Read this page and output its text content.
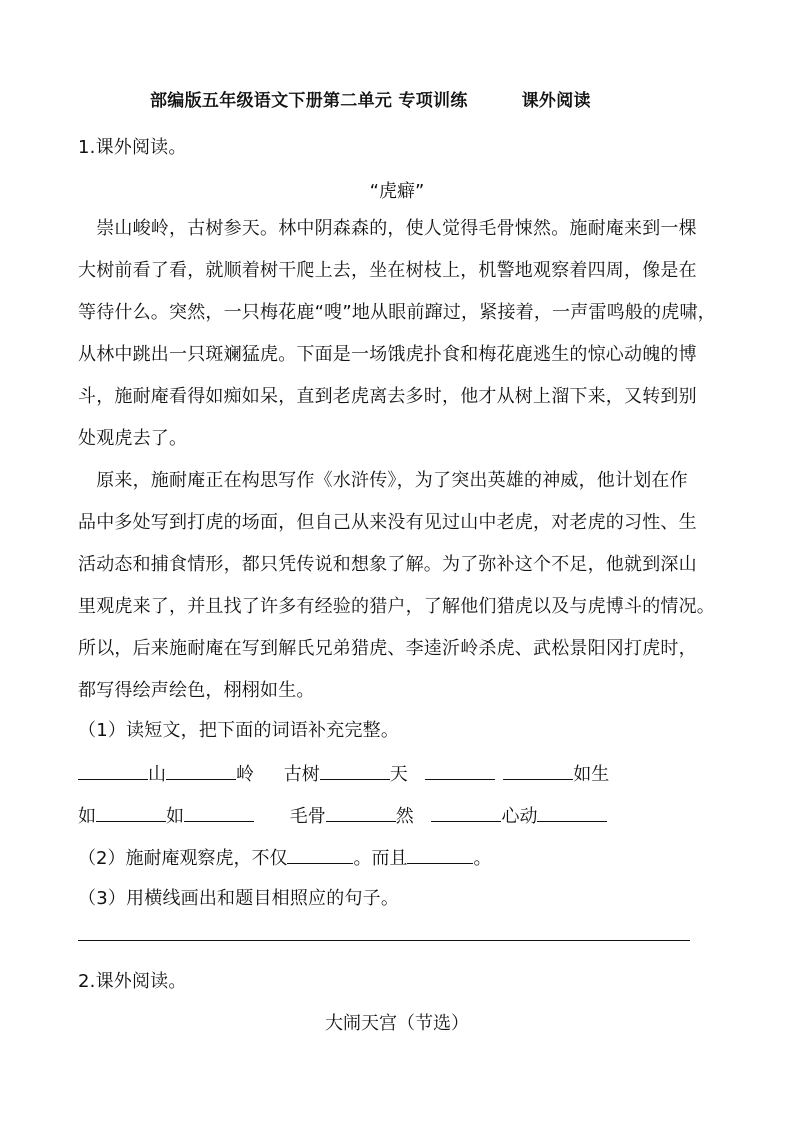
部编版五年级语文下册第二单元 专项训练	课外阅读
1.课外阅读。
“虎癖”
　崇山峻岭，古树参天。林中阴森森的，使人觉得毛骨悚然。施耐庵来到一棵
大树前看了看，就顺着树干爬上去，坐在树枝上，机警地观察着四周，像是在
等待什么。突然，一只梅花鹿“嗖”地从眼前蹿过，紧接着，一声雷鸣般的虎啸，
从林中跳出一只斑斓猛虎。下面是一场饿虎扑食和梅花鹿逃生的惊心动魄的博
斗，施耐庵看得如痴如呆，直到老虎离去多时，他才从树上溜下来，又转到别
处观虎去了。
　原来，施耐庵正在构思写作《水浒传》，为了突出英雄的神威，他计划在作
品中多处写到打虎的场面，但自己从来没有见过山中老虎，对老虎的习性、生
活动态和捕食情形，都只凭传说和想象了解。为了弥补这个不足，他就到深山
里观虎来了，并且找了许多有经验的猎户，了解他们猎虎以及与虎博斗的情况。
所以，后来施耐庵在写到解氏兄弟猎虎、李逵沂岭杀虎、武松景阳冈打虎时，
都写得绘声绘色，栩栩如生。
（1）读短文，把下面的词语补充完整。
山	岭 古树	天	如生
如	如	毛骨	然	心动
（2）施耐庵观察虎，不仅	。而且	。
（3）用横线画出和题目相照应的句子。
2.课外阅读。
大闹天宫（节选）
